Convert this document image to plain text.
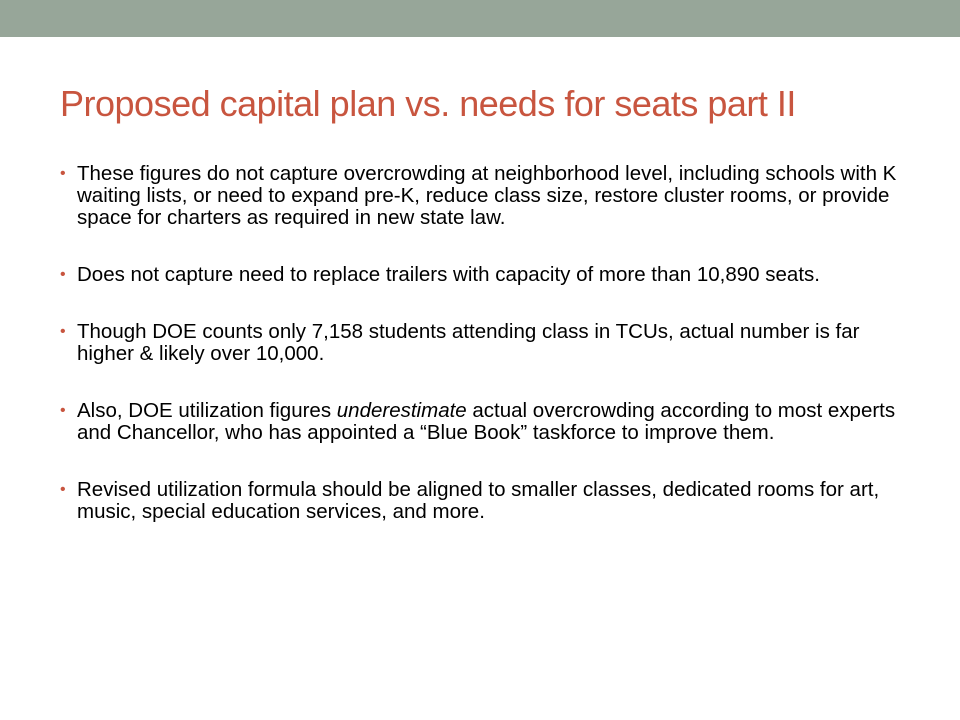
Proposed capital plan vs. needs for seats part II
• These figures do not capture overcrowding at neighborhood level, including schools with K waiting lists, or need to expand pre-K, reduce class size, restore cluster rooms, or provide space for charters as required in new state law.
• Does not capture need to replace trailers with capacity of more than 10,890 seats.
• Though DOE counts only 7,158 students attending class in TCUs, actual number is far higher & likely over 10,000.
• Also, DOE utilization figures underestimate actual overcrowding according to most experts and Chancellor, who has appointed a “Blue Book” taskforce to improve them.
• Revised utilization formula should be aligned to smaller classes, dedicated rooms for art, music, special education services, and more.
